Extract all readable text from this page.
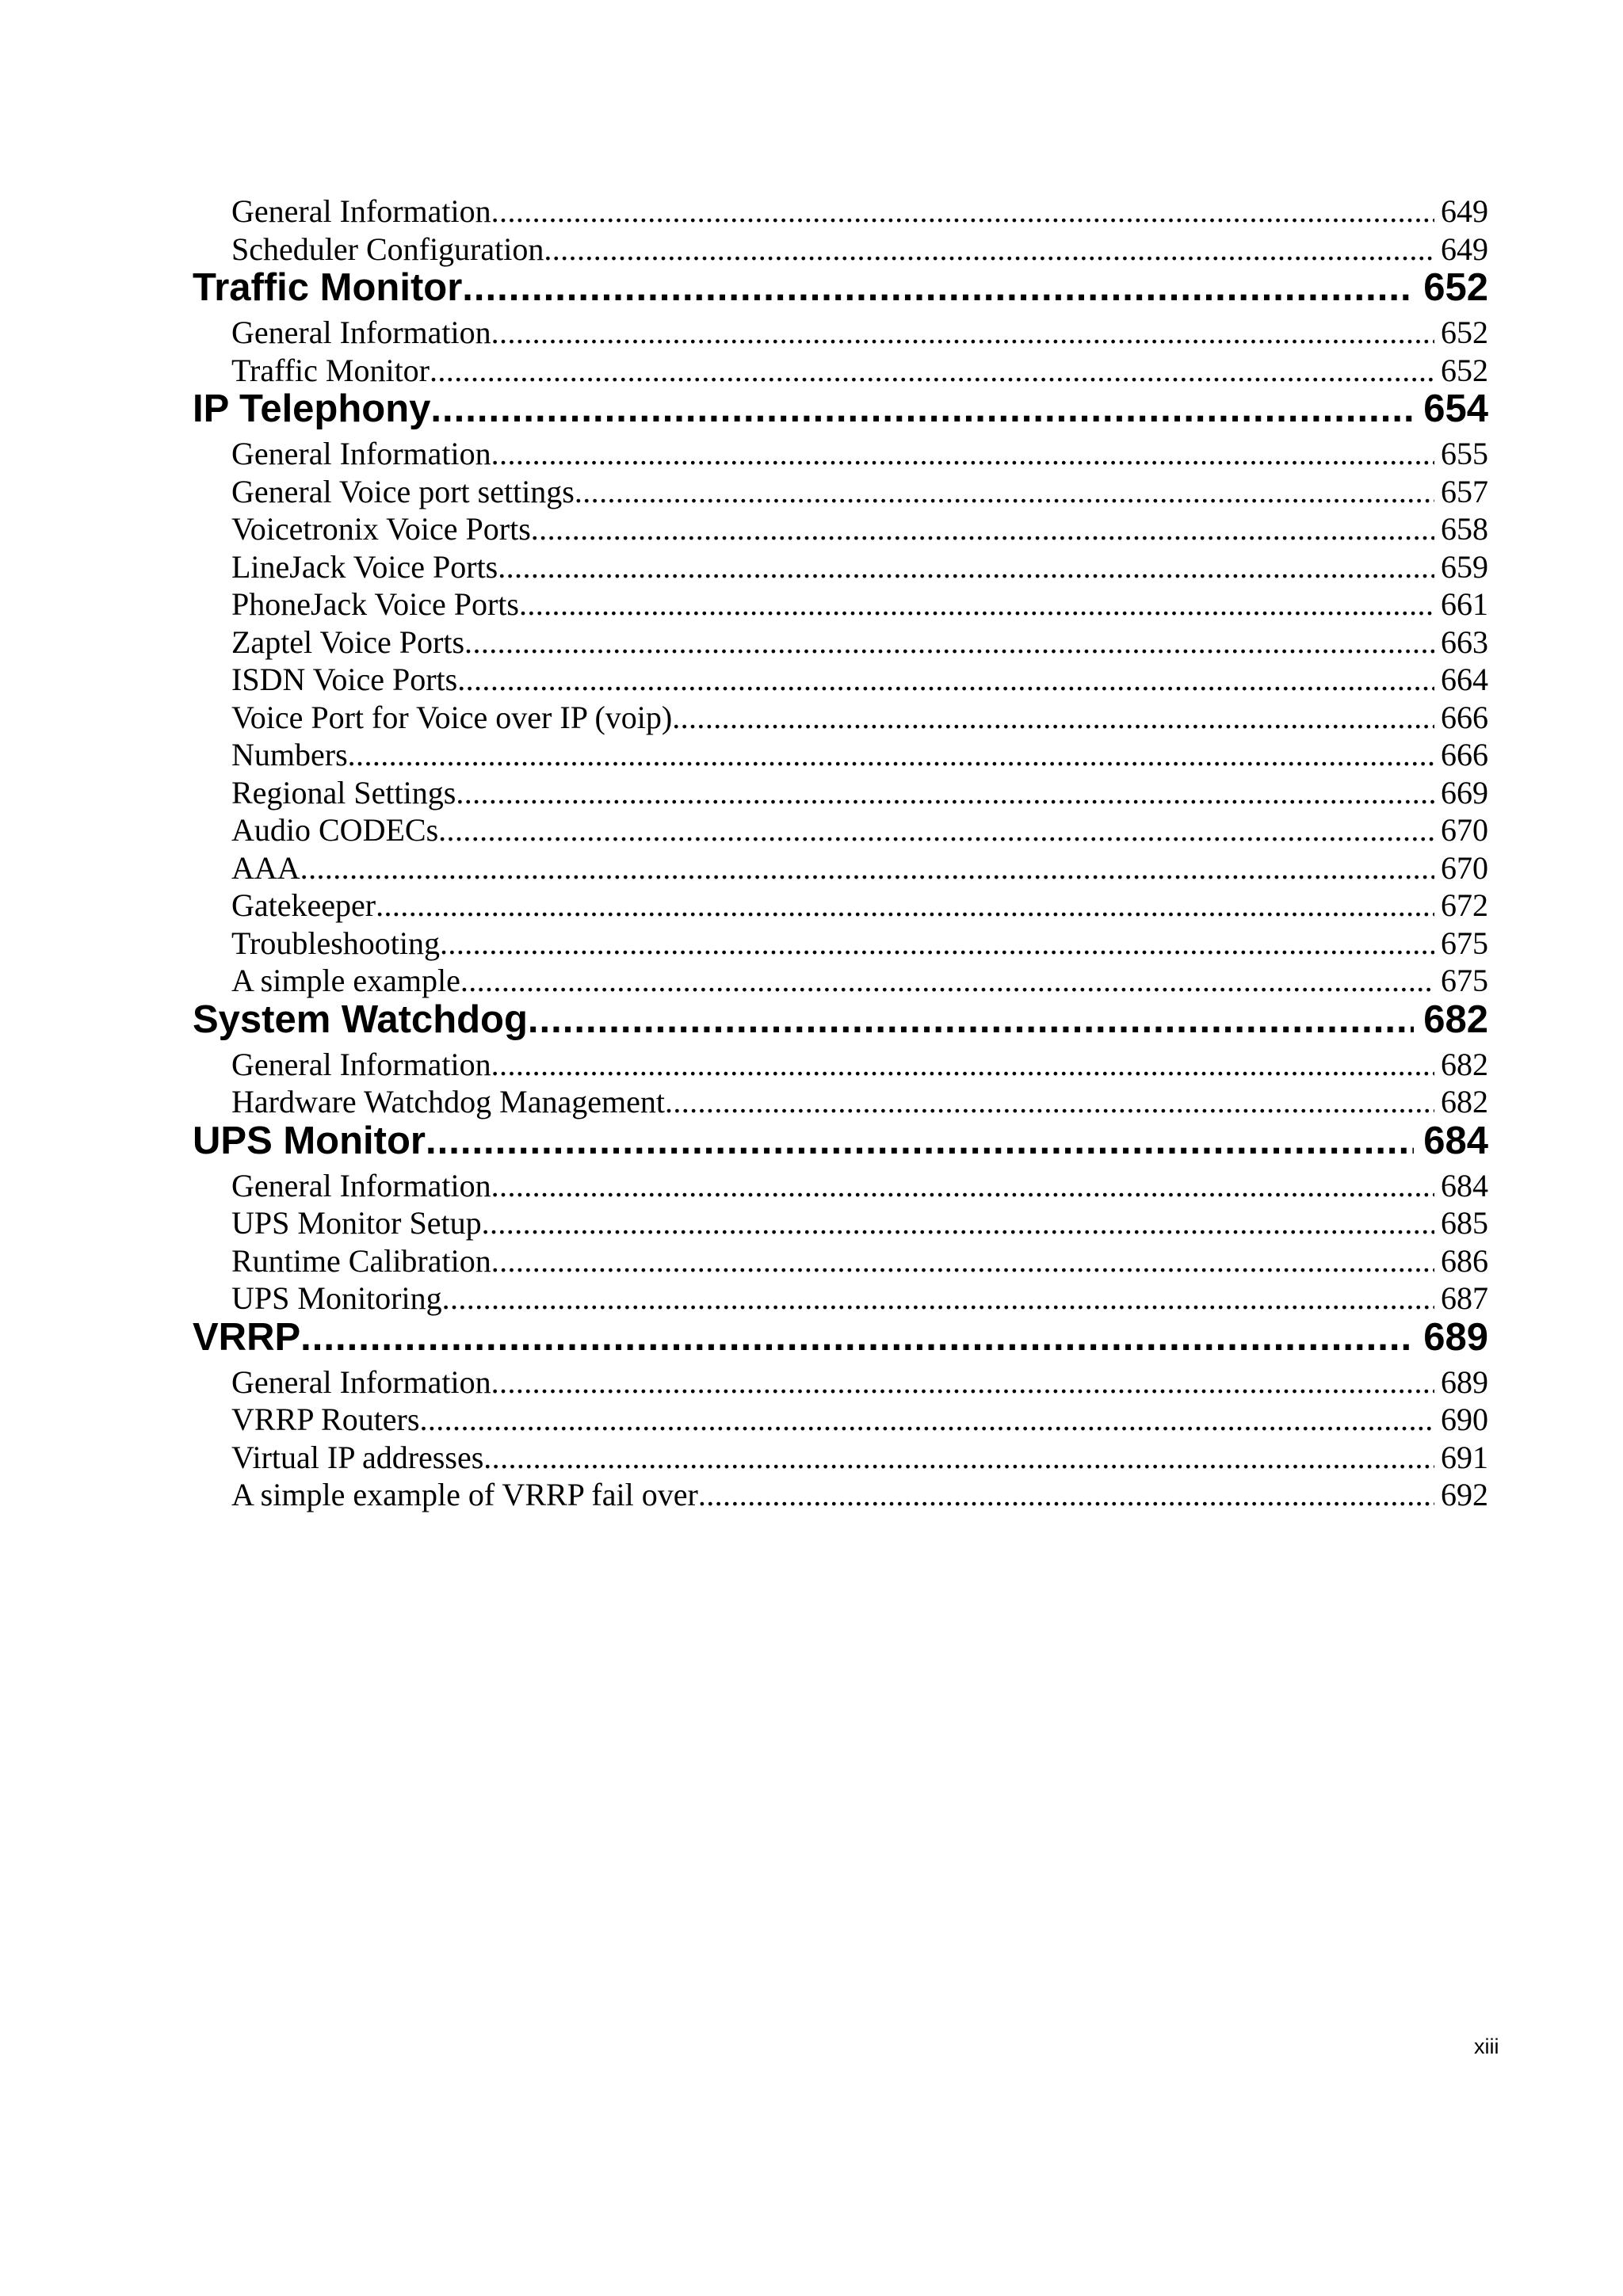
General Information .....	649
Scheduler Configuration .....	649
Traffic Monitor .....	652
General Information .....	652
Traffic Monitor .....	652
IP Telephony .....	654
General Information .....	655
General Voice port settings .....	657
Voicetronix Voice Ports .....	658
LineJack Voice Ports .....	659
PhoneJack Voice Ports .....	661
Zaptel Voice Ports .....	663
ISDN Voice Ports .....	664
Voice Port for Voice over IP (voip) .....	666
Numbers .....	666
Regional Settings .....	669
Audio CODECs .....	670
AAA .....	670
Gatekeeper .....	672
Troubleshooting .....	675
A simple example .....	675
System Watchdog .....	682
General Information .....	682
Hardware Watchdog Management .....	682
UPS Monitor .....	684
General Information .....	684
UPS Monitor Setup .....	685
Runtime Calibration .....	686
UPS Monitoring .....	687
VRRP .....	689
General Information .....	689
VRRP Routers .....	690
Virtual IP addresses .....	691
A simple example of VRRP fail over .....	692
xiii
